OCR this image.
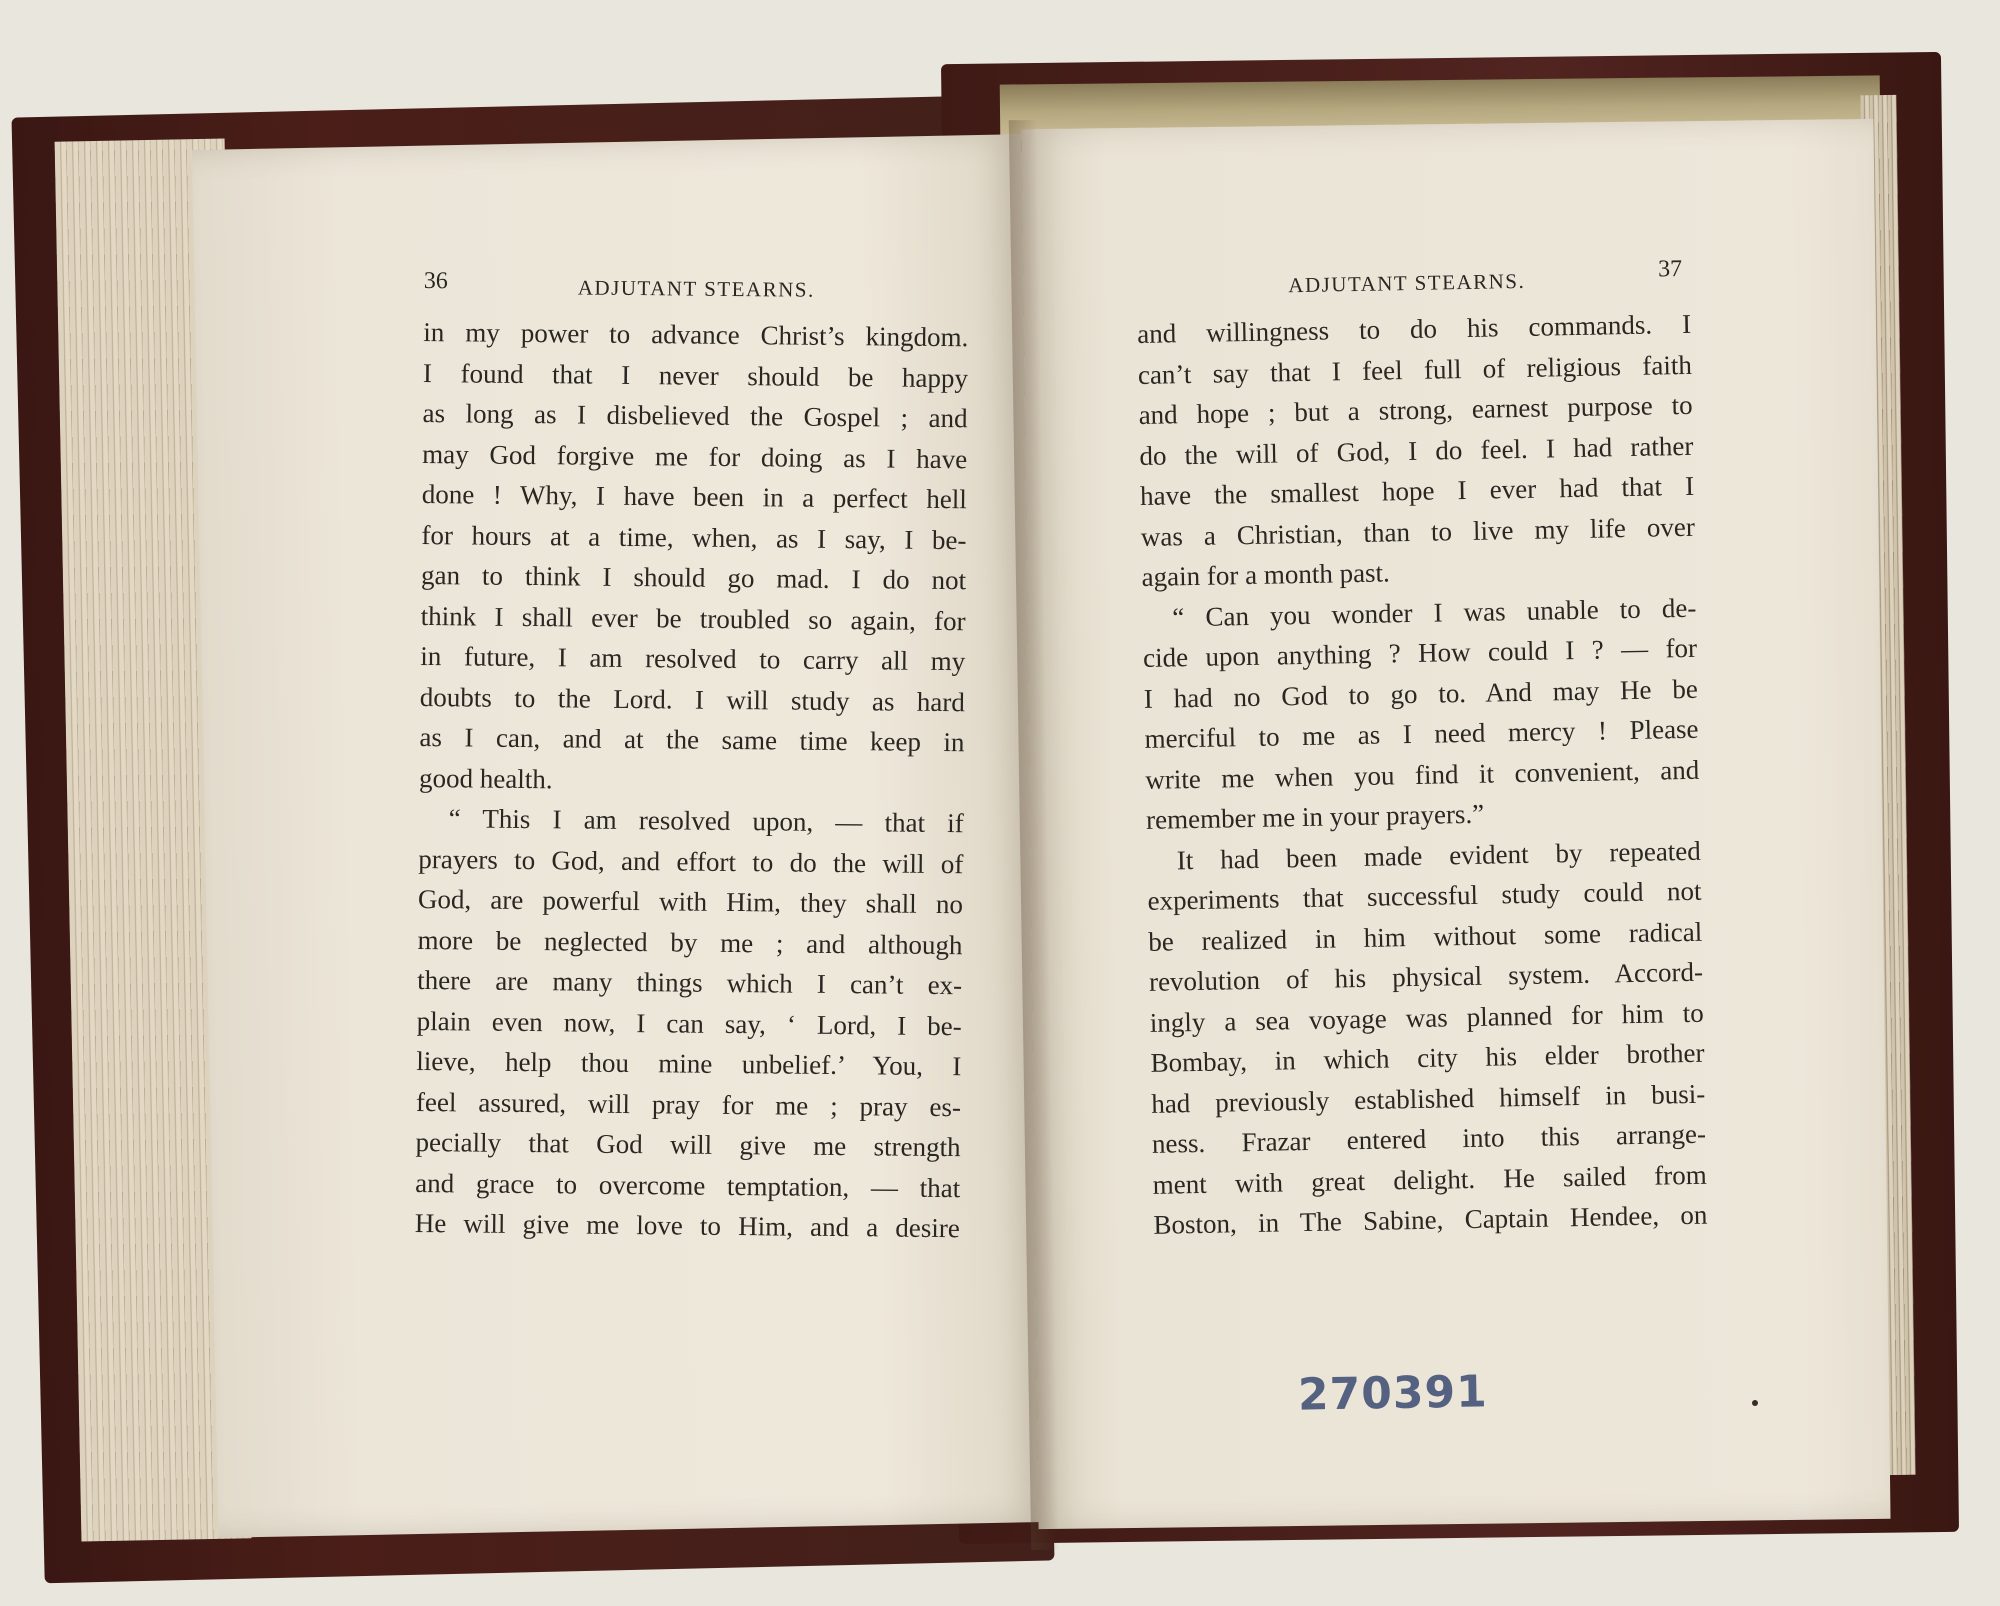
36	ADJUTANT STEARNS.
in my power to advance Christ’s kingdom.
I found that I never should be happy
as long as I disbelieved the Gospel ; and
may God forgive me for doing as I have
done ! Why, I have been in a perfect hell
for hours at a time, when, as I say, I be-
gan to think I should go mad. I do not
think I shall ever be troubled so again, for
in future, I am resolved to carry all my
doubts to the Lord. I will study as hard
as I can, and at the same time keep in
good health.
“ This I am resolved upon, — that if
prayers to God, and effort to do the will of
God, are powerful with Him, they shall no
more be neglected by me ; and although
there are many things which I can’t ex-
plain even now, I can say, ‘ Lord, I be-
lieve, help thou mine unbelief.’ You, I
feel assured, will pray for me ; pray es-
pecially that God will give me strength
and grace to overcome temptation, — that
He will give me love to Him, and a desire
ADJUTANT STEARNS.	37
and willingness to do his commands. I
can’t say that I feel full of religious faith
and hope ; but a strong, earnest purpose to
do the will of God, I do feel. I had rather
have the smallest hope I ever had that I
was a Christian, than to live my life over
again for a month past.
“ Can you wonder I was unable to de-
cide upon anything ? How could I ? — for
I had no God to go to. And may He be
merciful to me as I need mercy ! Please
write me when you find it convenient, and
remember me in your prayers.”
It had been made evident by repeated
experiments that successful study could not
be realized in him without some radical
revolution of his physical system. Accord-
ingly a sea voyage was planned for him to
Bombay, in which city his elder brother
had previously established himself in busi-
ness. Frazar entered into this arrange-
ment with great delight. He sailed from
Boston, in The Sabine, Captain Hendee, on
270391
